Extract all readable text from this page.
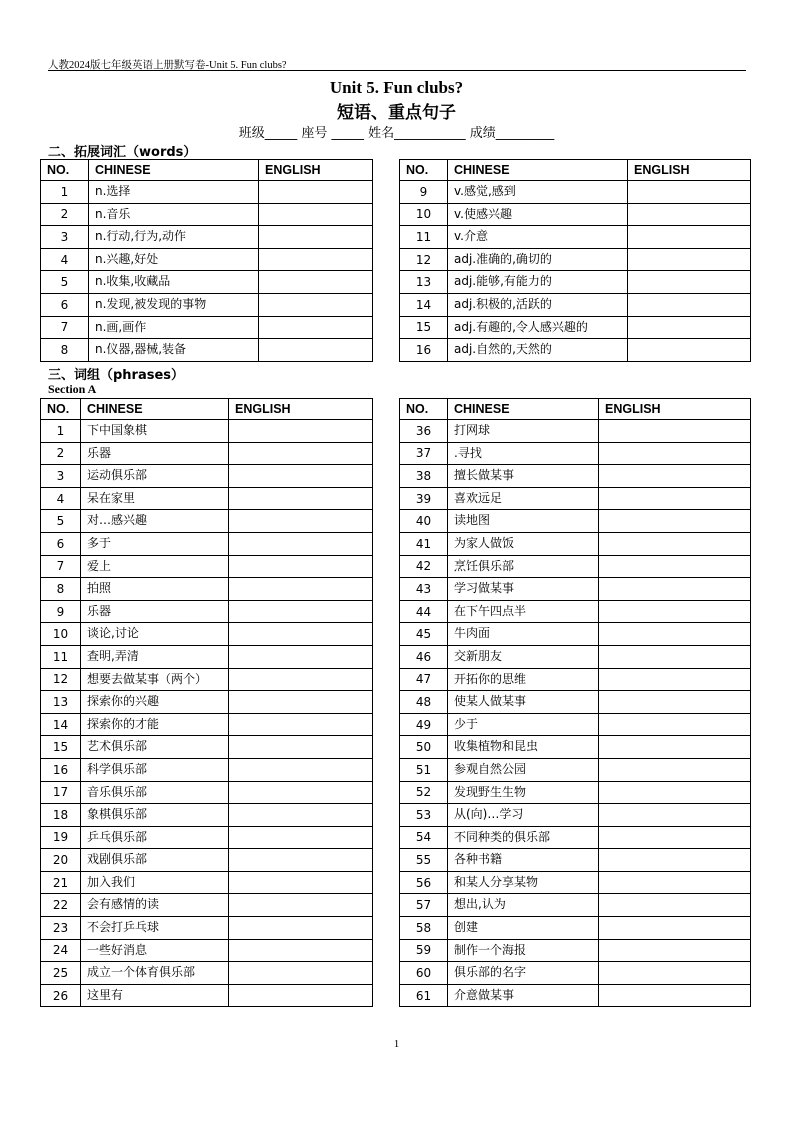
人教2024版七年级英语上册默写卷-Unit 5. Fun clubs?
Unit 5. Fun clubs?
短语、重点句子
班级_____ 座号 _____ 姓名___________ 成绩_________
二、拓展词汇（words）
NO.	CHINESE	ENGLISH
1	n.选择	
2	n.音乐	
3	n.行动,行为,动作	
4	n.兴趣,好处	
5	n.收集,收藏品	
6	n.发现,被发现的事物	
7	n.画,画作	
8	n.仪器,器械,装备	
NO.	CHINESE	ENGLISH
9	v.感觉,感到	
10	v.使感兴趣	
11	v.介意	
12	adj.准确的,确切的	
13	adj.能够,有能力的	
14	adj.积极的,活跃的	
15	adj.有趣的,令人感兴趣的	
16	adj.自然的,天然的	
三、词组（phrases）
Section A
NO.	CHINESE	ENGLISH
1	下中国象棋	
2	乐器	
3	运动俱乐部	
4	呆在家里	
5	对…感兴趣	
6	多于	
7	爱上	
8	拍照	
9	乐器	
10	谈论,讨论	
11	查明,弄清	
12	想要去做某事（两个）	
13	探索你的兴趣	
14	探索你的才能	
15	艺术俱乐部	
16	科学俱乐部	
17	音乐俱乐部	
18	象棋俱乐部	
19	乒乓俱乐部	
20	戏剧俱乐部	
21	加入我们	
22	会有感情的读	
23	不会打乒乓球	
24	一些好消息	
25	成立一个体育俱乐部	
26	这里有	
NO.	CHINESE	ENGLISH
36	打网球	
37	.寻找	
38	擅长做某事	
39	喜欢远足	
40	读地图	
41	为家人做饭	
42	烹饪俱乐部	
43	学习做某事	
44	在下午四点半	
45	牛肉面	
46	交新朋友	
47	开拓你的思维	
48	使某人做某事	
49	少于	
50	收集植物和昆虫	
51	参观自然公园	
52	发现野生生物	
53	从(向)…学习	
54	不同种类的俱乐部	
55	各种书籍	
56	和某人分享某物	
57	想出,认为	
58	创建	
59	制作一个海报	
60	俱乐部的名字	
61	介意做某事	
1
